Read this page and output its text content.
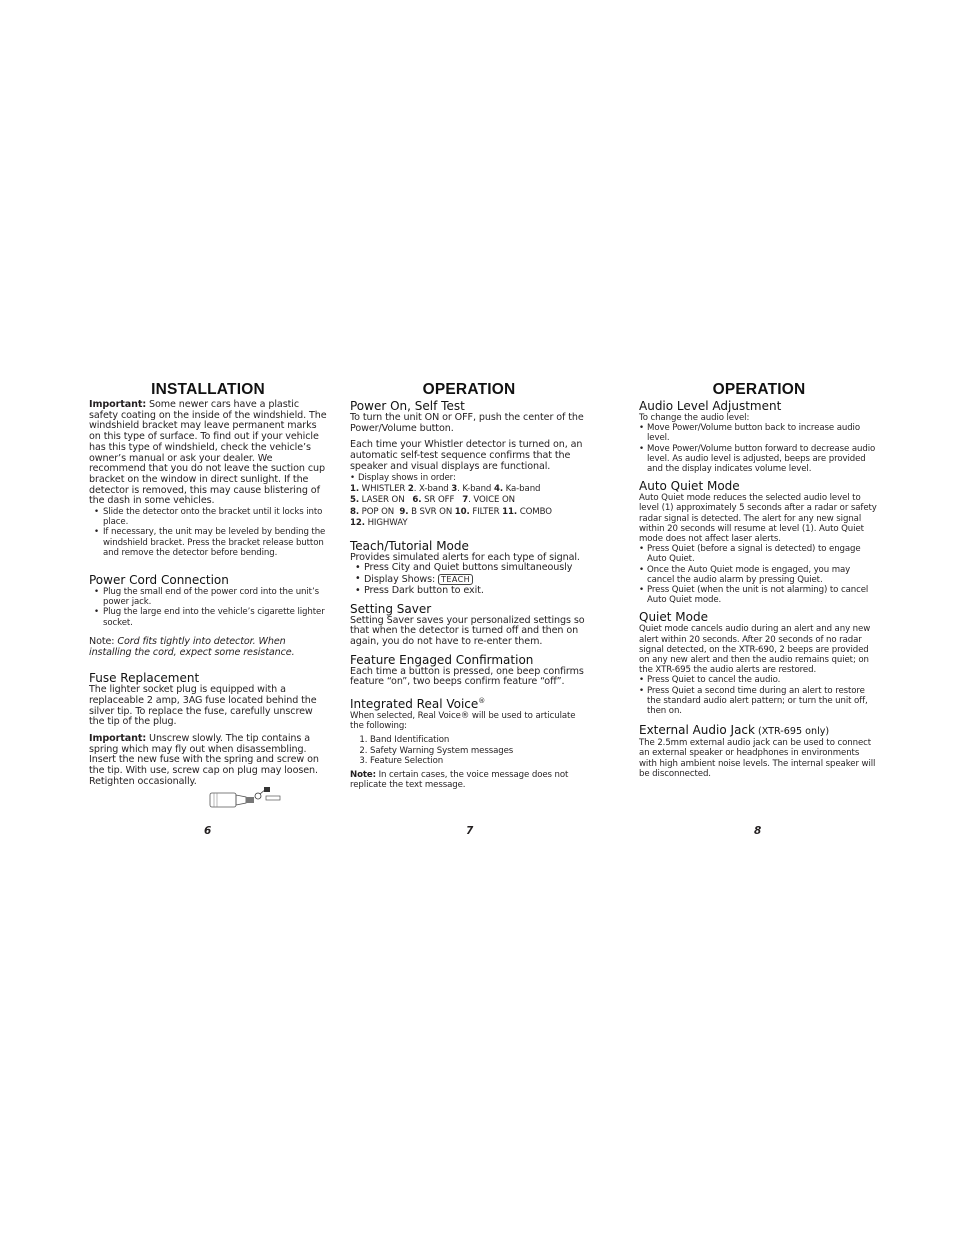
INSTALLATION

Important: Some newer cars have a plastic safety coating on the inside of the windshield. The windshield bracket may leave permanent marks on this type of surface. To find out if your vehicle has this type of windshield, check the vehicle’s owner’s manual or ask your dealer. We recommend that you do not leave the suction cup bracket on the window in direct sunlight. If the detector is removed, this may cause blistering of the dash in some vehicles.

• Slide the detector onto the bracket until it locks into place.
• If necessary, the unit may be leveled by bending the windshield bracket. Press the bracket release button and remove the detector before bending.
Power Cord Connection
• Plug the small end of the power cord into the unit’s power jack.
• Plug the large end into the vehicle’s cigarette lighter socket.

Note: Cord fits tightly into detector. When installing the cord, expect some resistance.

Fuse Replacement

The lighter socket plug is equipped with a replaceable 2 amp, 3AG fuse located behind the silver tip. To replace the fuse, carefully unscrew the tip of the plug.

Important: Unscrew slowly. The tip contains a spring which may fly out when disassembling. Insert the new fuse with the spring and screw on the tip. With use, screw cap on plug may loosen. Retighten occasionally.

OPERATION
Power On, Self Test

To turn the unit ON or OFF, push the center of the Power/Volume button.

Each time your Whistler detector is turned on, an automatic self-test sequence confirms that the speaker and visual displays are functional.

• Display shows in order:

1. WHISTLER 2. X-band 3. K-band 4. Ka-band
5. LASER ON   6. SR OFF   7. VOICE ON
8. POP ON  9. B SVR ON 10. FILTER 11. COMBO
12. HIGHWAY

Teach/Tutorial Mode

Provides simulated alerts for each type of signal.

• Press City and Quiet buttons simultaneously
• Display Shows: TEACH
• Press Dark button to exit.
Setting Saver

Setting Saver saves your personalized settings so that when the detector is turned off and then on again, you do not have to re-enter them.

Feature Engaged Confirmation

Each time a button is pressed, one beep confirms feature “on”, two beeps confirm feature “off”.

Integrated Real Voice®

When selected, Real Voice® will be used to articulate the following:

1. Band Identification
2. Safety Warning System messages
3. Feature Selection

Note: In certain cases, the voice message does not replicate the text message.

OPERATION
Audio Level Adjustment

To change the audio level:

• Move Power/Volume button back to increase audio level.
• Move Power/Volume button forward to decrease audio level. As audio level is adjusted, beeps are provided and the display indicates volume level.
Auto Quiet Mode

Auto Quiet mode reduces the selected audio level to level (1) approximately 5 seconds after a radar or safety radar signal is detected. The alert for any new signal within 20 seconds will resume at level (1). Auto Quiet mode does not affect laser alerts.

• Press Quiet (before a signal is detected) to engage Auto Quiet.
• Once the Auto Quiet mode is engaged, you may cancel the audio alarm by pressing Quiet.
• Press Quiet (when the unit is not alarming) to cancel Auto Quiet mode.
Quiet Mode

Quiet mode cancels audio during an alert and any new alert within 20 seconds. After 20 seconds of no radar signal detected, on the XTR-690, 2 beeps are provided on any new alert and then the audio remains quiet; on the XTR-695 the audio alerts are restored.

• Press Quiet to cancel the audio.
• Press Quiet a second time during an alert to restore the standard audio alert pattern; or turn the unit off, then on.
External Audio Jack (XTR-695 only)

The 2.5mm external audio jack can be used to connect an external speaker or headphones in environments with high ambient noise levels. The internal speaker will be disconnected.

6	7	8
